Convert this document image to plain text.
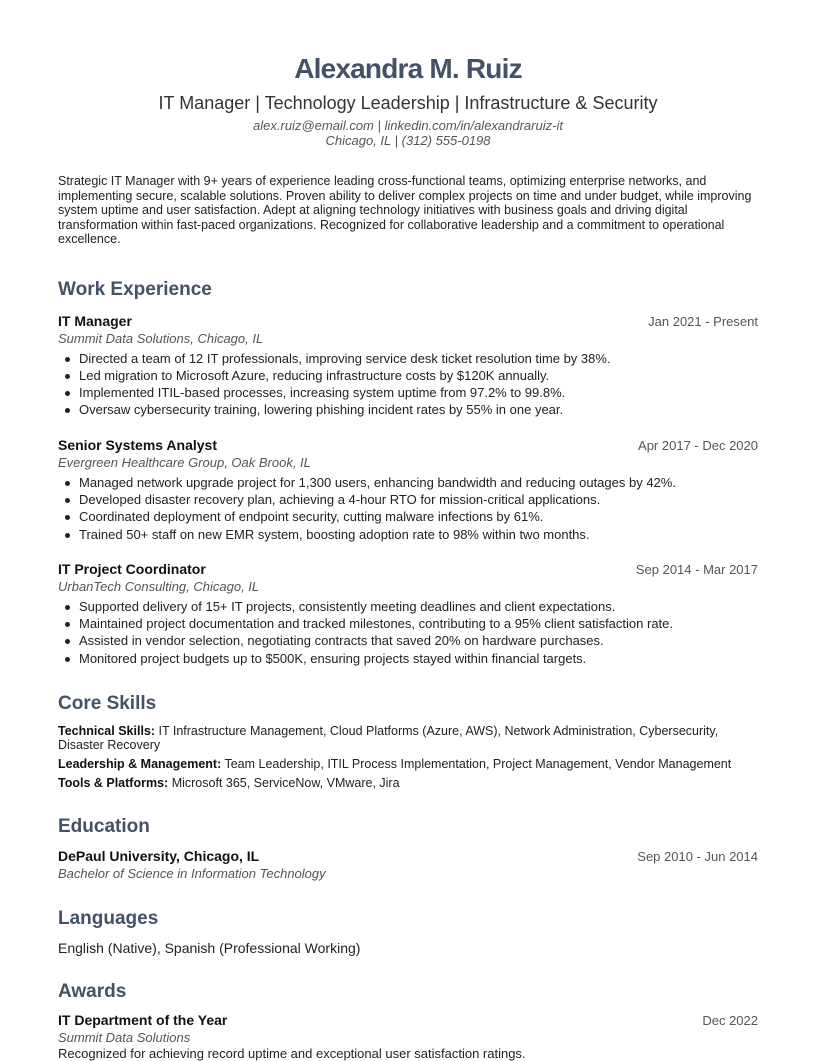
Alexandra M. Ruiz
IT Manager | Technology Leadership | Infrastructure & Security
alex.ruiz@email.com | linkedin.com/in/alexandraruiz-it
Chicago, IL | (312) 555-0198
Strategic IT Manager with 9+ years of experience leading cross-functional teams, optimizing enterprise networks, and implementing secure, scalable solutions. Proven ability to deliver complex projects on time and under budget, while improving system uptime and user satisfaction. Adept at aligning technology initiatives with business goals and driving digital transformation within fast-paced organizations. Recognized for collaborative leadership and a commitment to operational excellence.
Work Experience
IT Manager	Jan 2021 - Present
Summit Data Solutions, Chicago, IL
Directed a team of 12 IT professionals, improving service desk ticket resolution time by 38%.
Led migration to Microsoft Azure, reducing infrastructure costs by $120K annually.
Implemented ITIL-based processes, increasing system uptime from 97.2% to 99.8%.
Oversaw cybersecurity training, lowering phishing incident rates by 55% in one year.
Senior Systems Analyst	Apr 2017 - Dec 2020
Evergreen Healthcare Group, Oak Brook, IL
Managed network upgrade project for 1,300 users, enhancing bandwidth and reducing outages by 42%.
Developed disaster recovery plan, achieving a 4-hour RTO for mission-critical applications.
Coordinated deployment of endpoint security, cutting malware infections by 61%.
Trained 50+ staff on new EMR system, boosting adoption rate to 98% within two months.
IT Project Coordinator	Sep 2014 - Mar 2017
UrbanTech Consulting, Chicago, IL
Supported delivery of 15+ IT projects, consistently meeting deadlines and client expectations.
Maintained project documentation and tracked milestones, contributing to a 95% client satisfaction rate.
Assisted in vendor selection, negotiating contracts that saved 20% on hardware purchases.
Monitored project budgets up to $500K, ensuring projects stayed within financial targets.
Core Skills
Technical Skills: IT Infrastructure Management, Cloud Platforms (Azure, AWS), Network Administration, Cybersecurity, Disaster Recovery
Leadership & Management: Team Leadership, ITIL Process Implementation, Project Management, Vendor Management
Tools & Platforms: Microsoft 365, ServiceNow, VMware, Jira
Education
DePaul University, Chicago, IL	Sep 2010 - Jun 2014
Bachelor of Science in Information Technology
Languages
English (Native), Spanish (Professional Working)
Awards
IT Department of the Year	Dec 2022
Summit Data Solutions
Recognized for achieving record uptime and exceptional user satisfaction ratings.
